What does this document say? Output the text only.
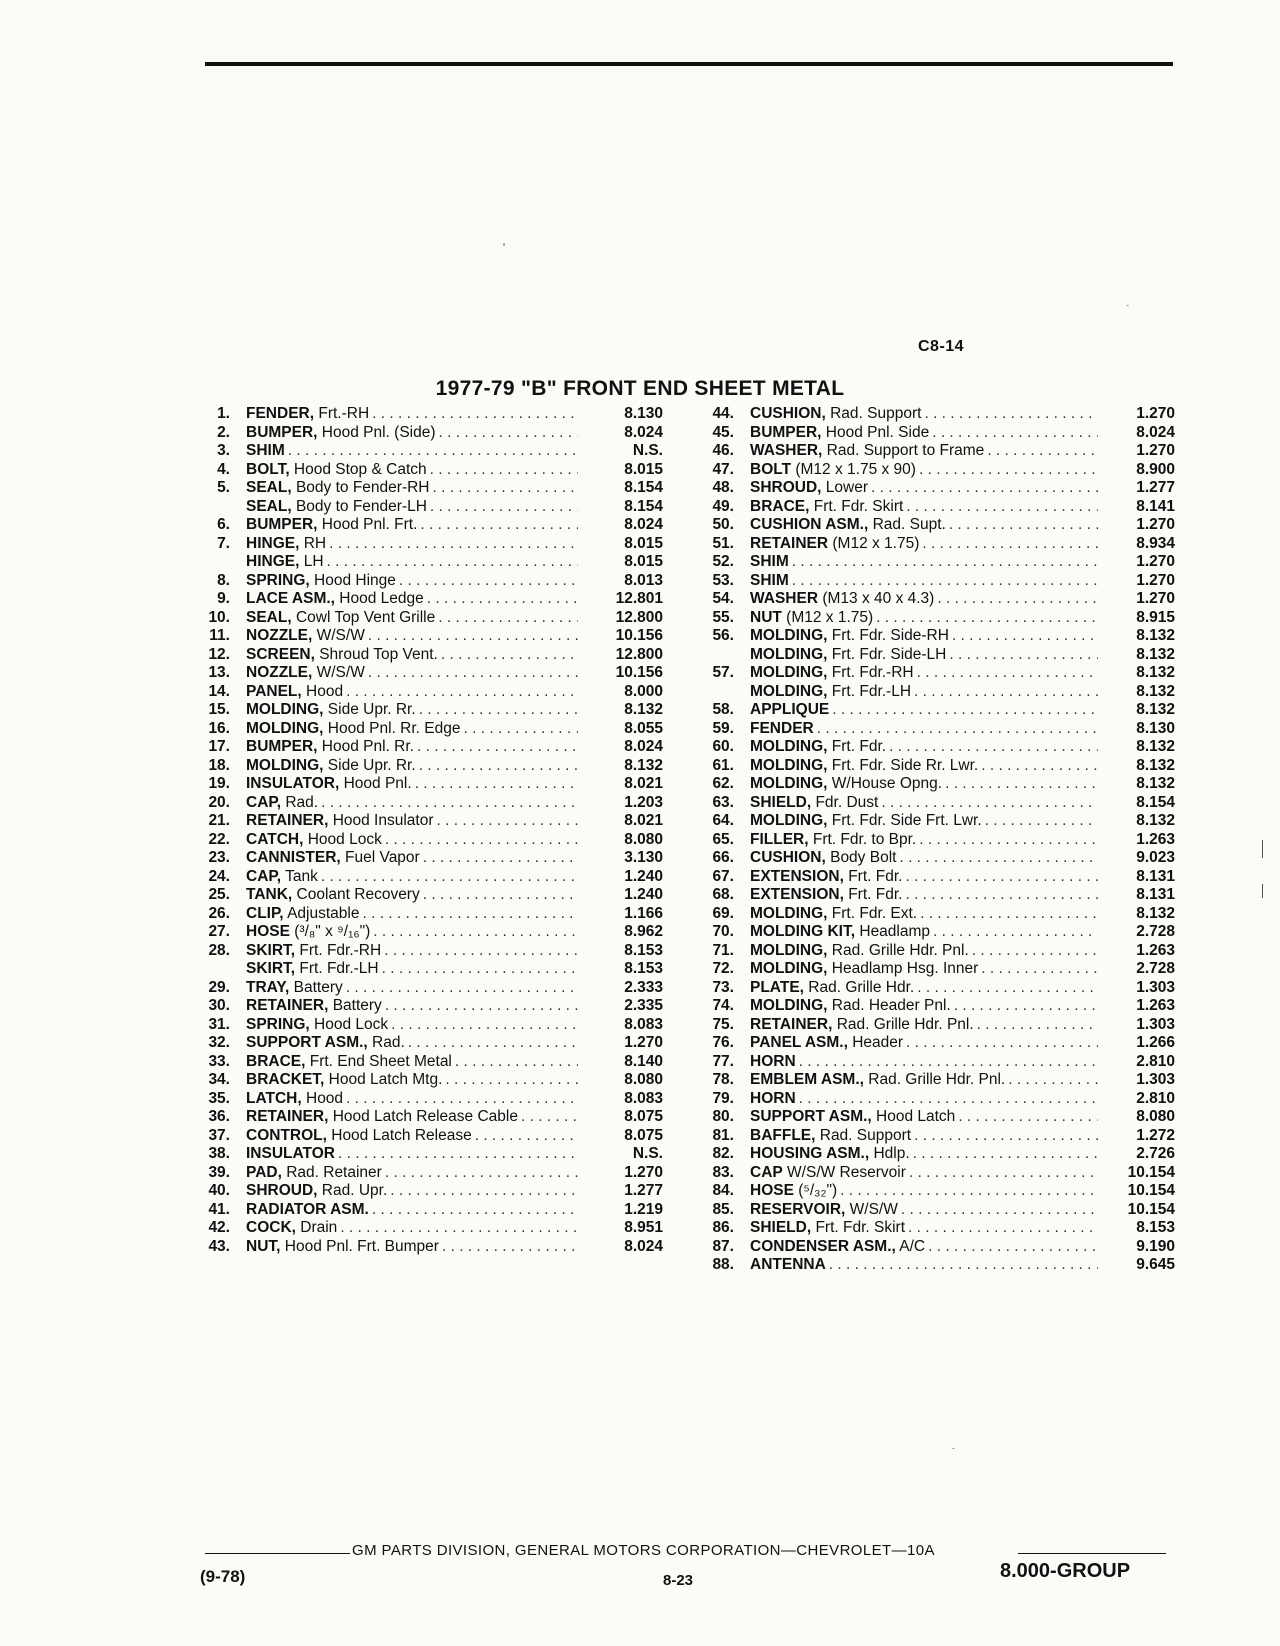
C8-14
1977-79 "B" FRONT END SHEET METAL
1. FENDER, Frt.-RH . . .	8.130
2. BUMPER, Hood Pnl. (Side) . . .	8.024
3. SHIM . . .	N.S.
4. BOLT, Hood Stop & Catch . . .	8.015
5. SEAL, Body to Fender-RH . . .	8.154
SEAL, Body to Fender-LH . . .	8.154
6. BUMPER, Hood Pnl. Frt. . . .	8.024
7. HINGE, RH . . .	8.015
HINGE, LH . . .	8.015
8. SPRING, Hood Hinge . . .	8.013
9. LACE ASM., Hood Ledge . . .	12.801
10. SEAL, Cowl Top Vent Grille . . .	12.800
11. NOZZLE, W/S/W . . .	10.156
12. SCREEN, Shroud Top Vent. . . .	12.800
13. NOZZLE, W/S/W . . .	10.156
14. PANEL, Hood . . .	8.000
15. MOLDING, Side Upr. Rr. . . .	8.132
16. MOLDING, Hood Pnl. Rr. Edge . . .	8.055
17. BUMPER, Hood Pnl. Rr. . . .	8.024
18. MOLDING, Side Upr. Rr. . . .	8.132
19. INSULATOR, Hood Pnl. . . .	8.021
20. CAP, Rad. . . .	1.203
21. RETAINER, Hood Insulator . . .	8.021
22. CATCH, Hood Lock . . .	8.080
23. CANNISTER, Fuel Vapor . . .	3.130
24. CAP, Tank . . .	1.240
25. TANK, Coolant Recovery . . .	1.240
26. CLIP, Adjustable . . .	1.166
27. HOSE (³/₈" x ⁹/₁₆") . . .	8.962
28. SKIRT, Frt. Fdr.-RH . . .	8.153
SKIRT, Frt. Fdr.-LH . . .	8.153
29. TRAY, Battery . . .	2.333
30. RETAINER, Battery . . .	2.335
31. SPRING, Hood Lock . . .	8.083
32. SUPPORT ASM., Rad. . . .	1.270
33. BRACE, Frt. End Sheet Metal . . .	8.140
34. BRACKET, Hood Latch Mtg. . . .	8.080
35. LATCH, Hood . . .	8.083
36. RETAINER, Hood Latch Release Cable . . .	8.075
37. CONTROL, Hood Latch Release . . .	8.075
38. INSULATOR . . .	N.S.
39. PAD, Rad. Retainer . . .	1.270
40. SHROUD, Rad. Upr. . . .	1.277
41. RADIATOR ASM. . . .	1.219
42. COCK, Drain . . .	8.951
43. NUT, Hood Pnl. Frt. Bumper . . .	8.024
44. CUSHION, Rad. Support . . .	1.270
45. BUMPER, Hood Pnl. Side . . .	8.024
46. WASHER, Rad. Support to Frame . . .	1.270
47. BOLT (M12 x 1.75 x 90) . . .	8.900
48. SHROUD, Lower . . .	1.277
49. BRACE, Frt. Fdr. Skirt . . .	8.141
50. CUSHION ASM., Rad. Supt. . . .	1.270
51. RETAINER (M12 x 1.75) . . .	8.934
52. SHIM . . .	1.270
53. SHIM . . .	1.270
54. WASHER (M13 x 40 x 4.3) . . .	1.270
55. NUT (M12 x 1.75) . . .	8.915
56. MOLDING, Frt. Fdr. Side-RH . . .	8.132
MOLDING, Frt. Fdr. Side-LH . . .	8.132
57. MOLDING, Frt. Fdr.-RH . . .	8.132
MOLDING, Frt. Fdr.-LH . . .	8.132
58. APPLIQUE . . .	8.132
59. FENDER . . .	8.130
60. MOLDING, Frt. Fdr. . . .	8.132
61. MOLDING, Frt. Fdr. Side Rr. Lwr. . . .	8.132
62. MOLDING, W/House Opng. . . .	8.132
63. SHIELD, Fdr. Dust . . .	8.154
64. MOLDING, Frt. Fdr. Side Frt. Lwr. . . .	8.132
65. FILLER, Frt. Fdr. to Bpr. . . .	1.263
66. CUSHION, Body Bolt . . .	9.023
67. EXTENSION, Frt. Fdr. . . .	8.131
68. EXTENSION, Frt. Fdr. . . .	8.131
69. MOLDING, Frt. Fdr. Ext. . . .	8.132
70. MOLDING KIT, Headlamp . . .	2.728
71. MOLDING, Rad. Grille Hdr. Pnl. . . .	1.263
72. MOLDING, Headlamp Hsg. Inner . . .	2.728
73. PLATE, Rad. Grille Hdr. . . .	1.303
74. MOLDING, Rad. Header Pnl. . . .	1.263
75. RETAINER, Rad. Grille Hdr. Pnl. . . .	1.303
76. PANEL ASM., Header . . .	1.266
77. HORN . . .	2.810
78. EMBLEM ASM., Rad. Grille Hdr. Pnl. . . .	1.303
79. HORN . . .	2.810
80. SUPPORT ASM., Hood Latch . . .	8.080
81. BAFFLE, Rad. Support . . .	1.272
82. HOUSING ASM., Hdlp. . . .	2.726
83. CAP W/S/W Reservoir . . .	10.154
84. HOSE (⁵/₃₂") . . .	10.154
85. RESERVOIR, W/S/W . . .	10.154
86. SHIELD, Frt. Fdr. Skirt . . .	8.153
87. CONDENSER ASM., A/C . . .	9.190
88. ANTENNA . . .	9.645
GM PARTS DIVISION, GENERAL MOTORS CORPORATION—CHEVROLET—10A
(9-78)	8-23	8.000-GROUP
